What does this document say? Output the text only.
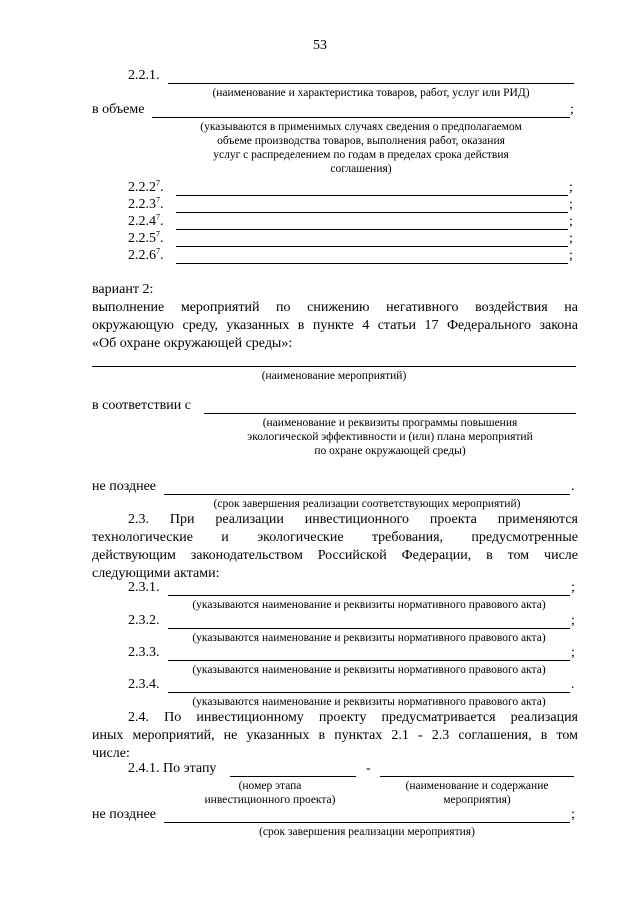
53
2.2.1.
(наименование и характеристика товаров, работ, услуг или РИД)
в объеме	;
(указываются в применимых случаях сведения о предполагаемом
объеме производства товаров, выполнения работ, оказания
услуг с распределением по годам в пределах срока действия
соглашения)
2.2.2$^7$.	;
2.2.3$^7$.	;
2.2.4$^7$.	;
2.2.5$^7$.	;
2.2.6$^7$.	;
вариант 2:
выполнение мероприятий по снижению негативного воздействия на
окружающую среду, указанных в пункте 4 статьи 17 Федерального закона
«Об охране окружающей среды»:
(наименование мероприятий)
в соответствии с
(наименование и реквизиты программы повышения
экологической эффективности и (или) плана мероприятий
по охране окружающей среды)
не позднее	.
(срок завершения реализации соответствующих мероприятий)
2.3. При реализации инвестиционного проекта применяются
технологические и экологические требования, предусмотренные
действующим законодательством Российской Федерации, в том числе
следующими актами:
2.3.1.	;
(указываются наименование и реквизиты нормативного правового акта)
2.3.2.	;
(указываются наименование и реквизиты нормативного правового акта)
2.3.3.	;
(указываются наименование и реквизиты нормативного правового акта)
2.3.4.	.
(указываются наименование и реквизиты нормативного правового акта)
2.4. По инвестиционному проекту предусматривается реализация
иных мероприятий, не указанных в пунктах 2.1 - 2.3 соглашения, в том
числе:
2.4.1. По этапу	-
(номер этапа
инвестиционного проекта)
(наименование и содержание
мероприятия)
не позднее	;
(срок завершения реализации мероприятия)
